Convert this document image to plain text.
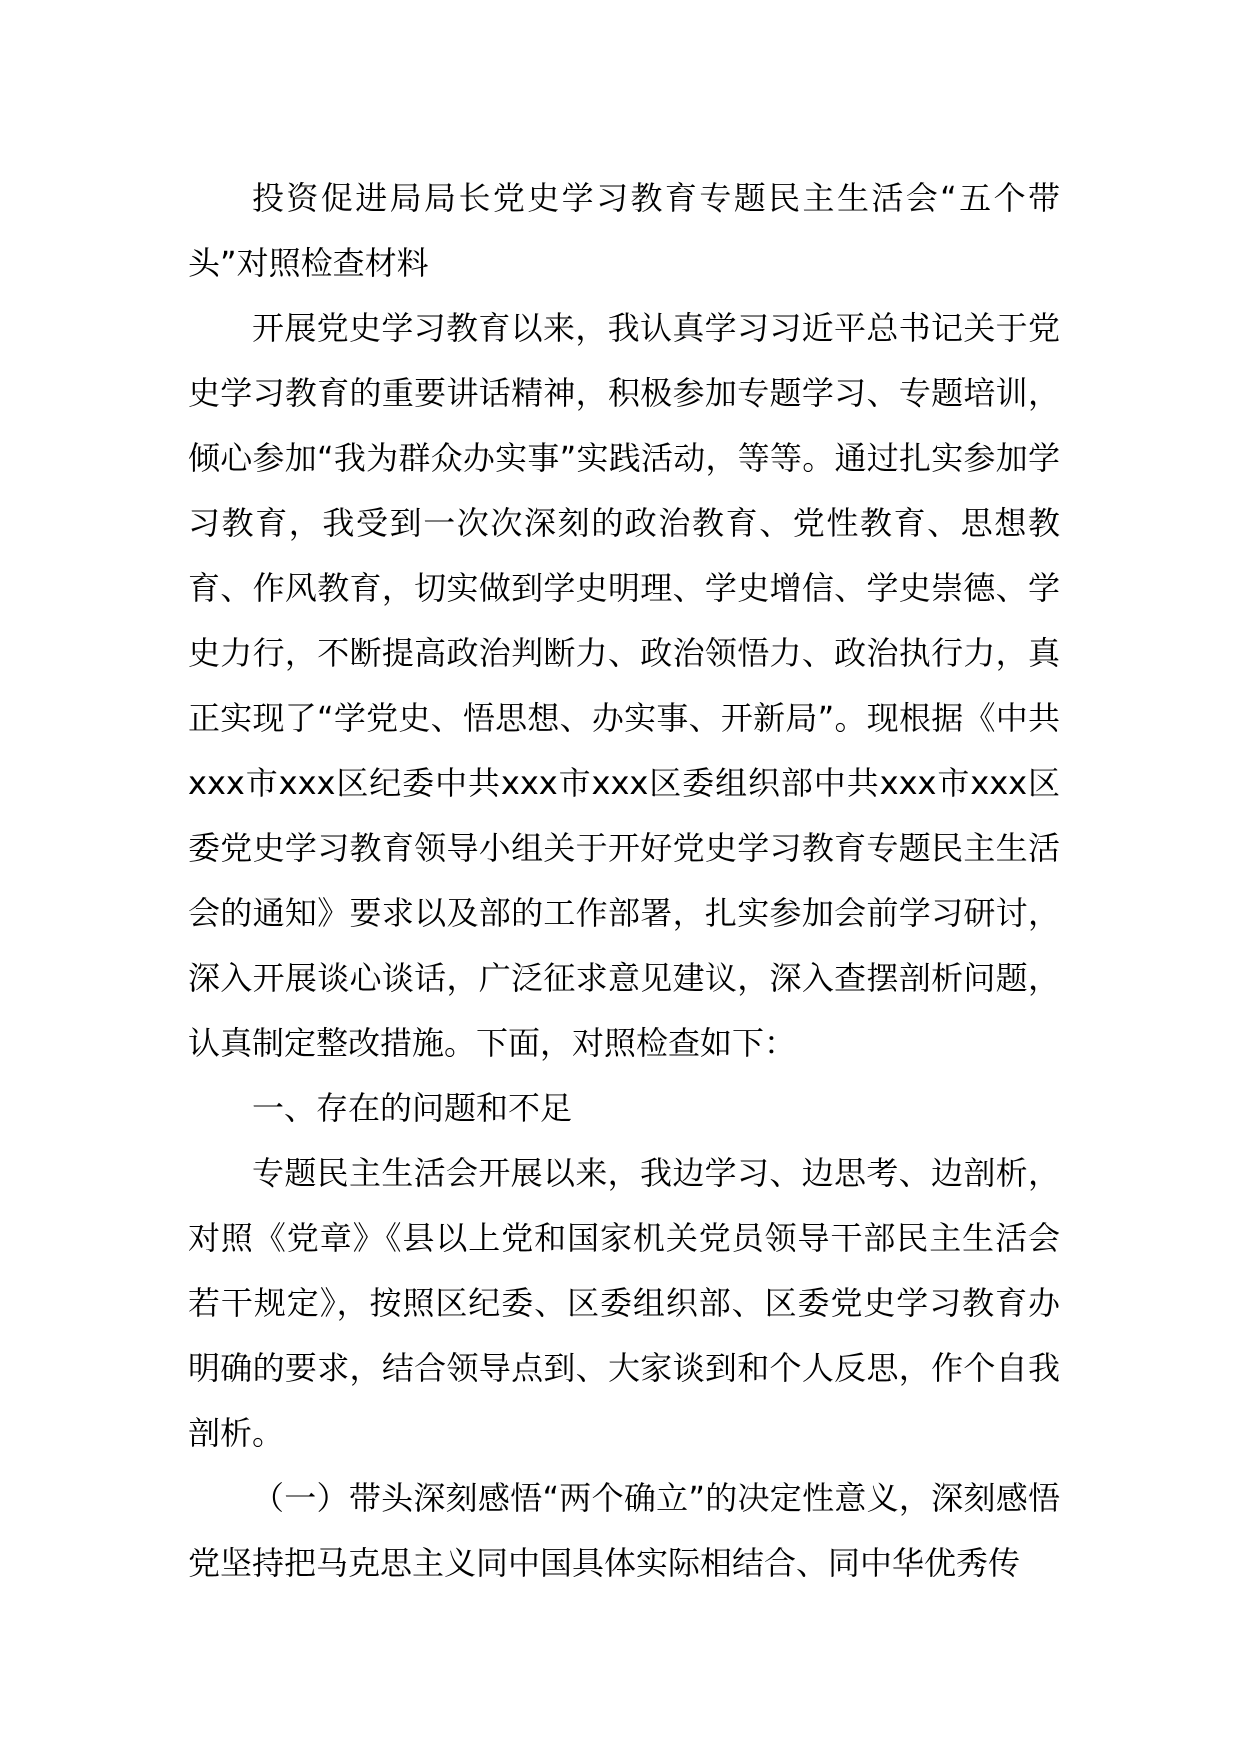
投资促进局局长党史学习教育专题民主生活会“五个带头”对照检查材料

开展党史学习教育以来，我认真学习习近平总书记关于党史学习教育的重要讲话精神，积极参加专题学习、专题培训，倾心参加“我为群众办实事”实践活动，等等。通过扎实参加学习教育，我受到一次次深刻的政治教育、党性教育、思想教育、作风教育，切实做到学史明理、学史增信、学史崇德、学史力行，不断提高政治判断力、政治领悟力、政治执行力，真正实现了“学党史、悟思想、办实事、开新局”。现根据《中共xxx市xxx区纪委中共xxx市xxx区委组织部中共xxx市xxx区委党史学习教育领导小组关于开好党史学习教育专题民主生活会的通知》要求以及部的工作部署，扎实参加会前学习研讨，深入开展谈心谈话，广泛征求意见建议，深入查摆剖析问题，认真制定整改措施。下面，对照检查如下：

一、存在的问题和不足

专题民主生活会开展以来，我边学习、边思考、边剖析，对照《党章》《县以上党和国家机关党员领导干部民主生活会若干规定》，按照区纪委、区委组织部、区委党史学习教育办明确的要求，结合领导点到、大家谈到和个人反思，作个自我剖析。

（一）带头深刻感悟“两个确立”的决定性意义，深刻感悟党坚持把马克思主义同中国具体实际相结合、同中华优秀传
